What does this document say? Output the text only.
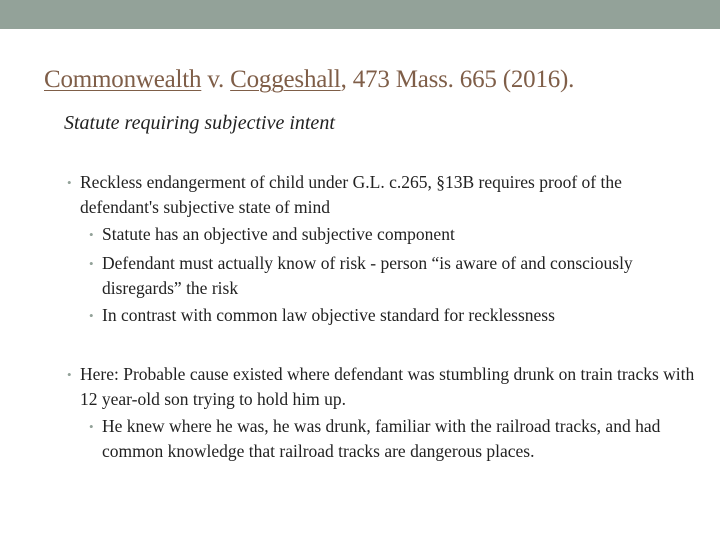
Commonwealth v. Coggeshall, 473 Mass. 665 (2016).
Statute requiring subjective intent
• Reckless endangerment of child under G.L. c.265, §13B requires proof of the defendant's subjective state of mind
• Statute has an objective and subjective component
• Defendant must actually know of risk - person “is aware of and consciously disregards” the risk
• In contrast with common law objective standard for recklessness
• Here: Probable cause existed where defendant was stumbling drunk on train tracks with 12 year-old son trying to hold him up.
• He knew where he was, he was drunk, familiar with the railroad tracks, and had common knowledge that railroad tracks are dangerous places.
